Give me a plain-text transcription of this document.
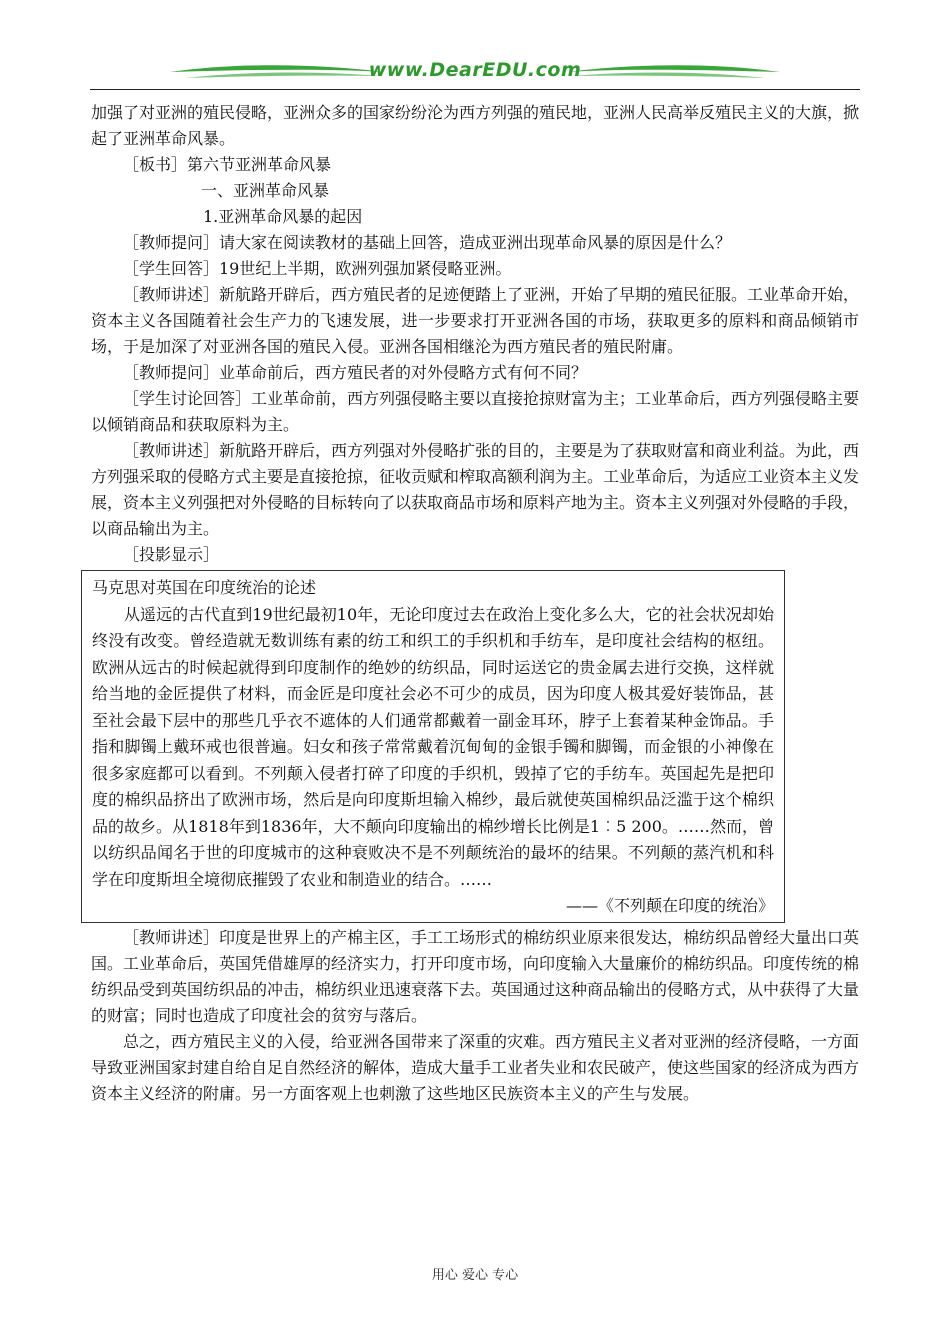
www.DearEDU.com

加强了对亚洲的殖民侵略，亚洲众多的国家纷纷沦为西方列强的殖民地，亚洲人民高举反殖民主义的大旗，掀起了亚洲革命风暴。

［板书］第六节亚洲革命风暴

一、亚洲革命风暴

1.亚洲革命风暴的起因

［教师提问］请大家在阅读教材的基础上回答，造成亚洲出现革命风暴的原因是什么？

［学生回答］19世纪上半期，欧洲列强加紧侵略亚洲。

［教师讲述］新航路开辟后，西方殖民者的足迹便踏上了亚洲，开始了早期的殖民征服。工业革命开始，资本主义各国随着社会生产力的飞速发展，进一步要求打开亚洲各国的市场，获取更多的原料和商品倾销市场，于是加深了对亚洲各国的殖民入侵。亚洲各国相继沦为西方殖民者的殖民附庸。

［教师提问］业革命前后，西方殖民者的对外侵略方式有何不同？

［学生讨论回答］工业革命前，西方列强侵略主要以直接抢掠财富为主；工业革命后，西方列强侵略主要以倾销商品和获取原料为主。

［教师讲述］新航路开辟后，西方列强对外侵略扩张的目的，主要是为了获取财富和商业利益。为此，西方列强采取的侵略方式主要是直接抢掠，征收贡赋和榨取高额利润为主。工业革命后，为适应工业资本主义发展，资本主义列强把对外侵略的目标转向了以获取商品市场和原料产地为主。资本主义列强对外侵略的手段，以商品输出为主。

［投影显示］

马克思对英国在印度统治的论述

从遥远的古代直到19世纪最初10年，无论印度过去在政治上变化多么大，它的社会状况却始终没有改变。曾经造就无数训练有素的纺工和织工的手织机和手纺车，是印度社会结构的枢纽。欧洲从远古的时候起就得到印度制作的绝妙的纺织品，同时运送它的贵金属去进行交换，这样就给当地的金匠提供了材料，而金匠是印度社会必不可少的成员，因为印度人极其爱好装饰品，甚至社会最下层中的那些几乎衣不遮体的人们通常都戴着一副金耳环，脖子上套着某种金饰品。手指和脚镯上戴环戒也很普遍。妇女和孩子常常戴着沉甸甸的金银手镯和脚镯，而金银的小神像在很多家庭都可以看到。不列颠入侵者打碎了印度的手织机，毁掉了它的手纺车。英国起先是把印度的棉织品挤出了欧洲市场，然后是向印度斯坦输入棉纱，最后就使英国棉织品泛滥于这个棉织品的故乡。从1818年到1836年，大不颠向印度输出的棉纱增长比例是1︰5 200。……然而，曾以纺织品闻名于世的印度城市的这种衰败决不是不列颠统治的最坏的结果。不列颠的蒸汽机和科学在印度斯坦全境彻底摧毁了农业和制造业的结合。……

——《不列颠在印度的统治》

［教师讲述］印度是世界上的产棉主区，手工工场形式的棉纺织业原来很发达，棉纺织品曾经大量出口英国。工业革命后，英国凭借雄厚的经济实力，打开印度市场，向印度输入大量廉价的棉纺织品。印度传统的棉纺织品受到英国纺织品的冲击，棉纺织业迅速衰落下去。英国通过这种商品输出的侵略方式，从中获得了大量的财富；同时也造成了印度社会的贫穷与落后。

总之，西方殖民主义的入侵，给亚洲各国带来了深重的灾难。西方殖民主义者对亚洲的经济侵略，一方面导致亚洲国家封建自给自足自然经济的解体，造成大量手工业者失业和农民破产，使这些国家的经济成为西方资本主义经济的附庸。另一方面客观上也刺激了这些地区民族资本主义的产生与发展。

用心 爱心 专心
